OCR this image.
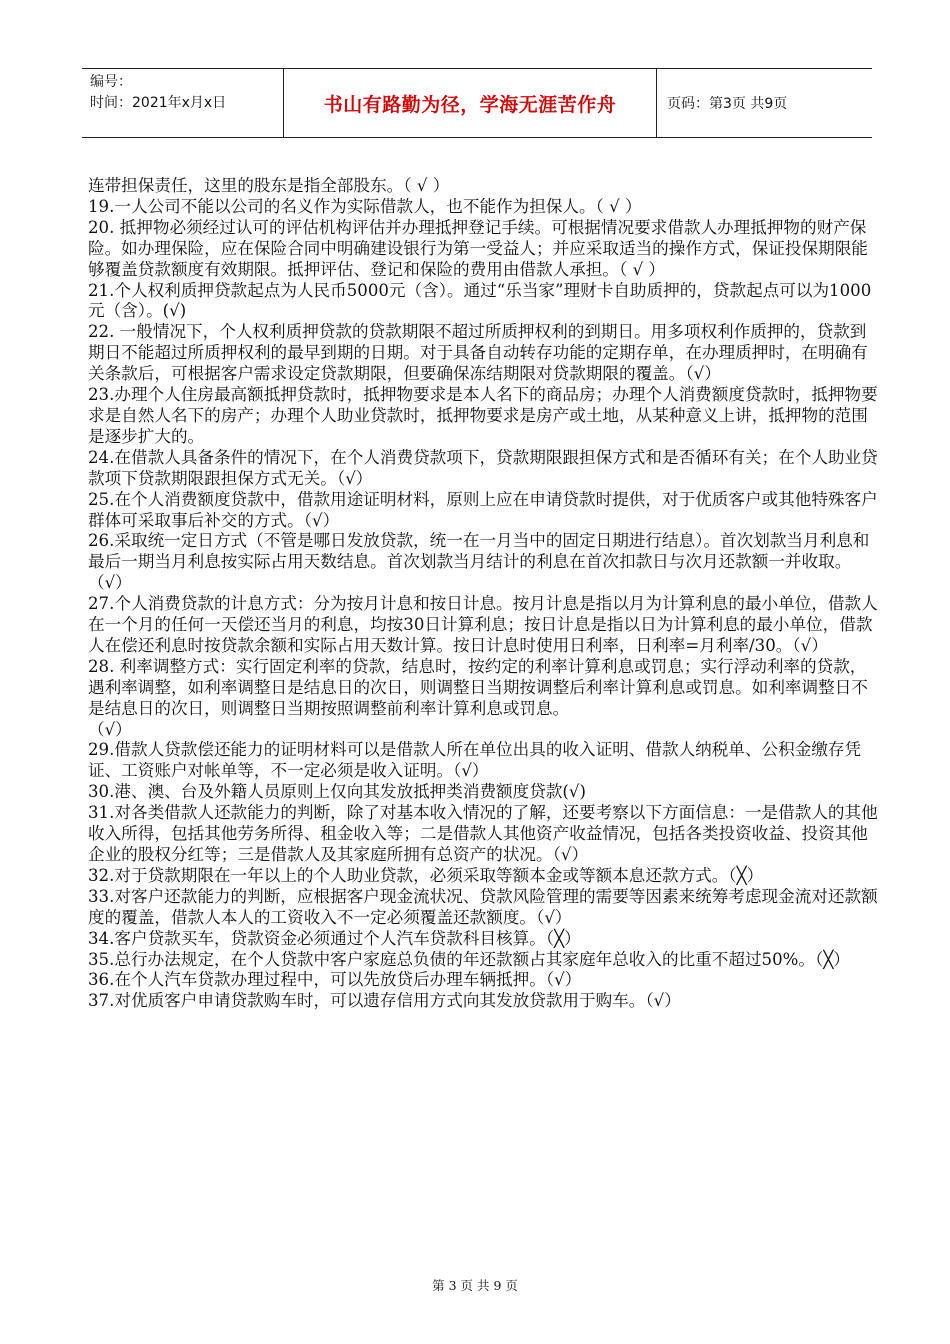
编号：
时间：2021年x月x日	书山有路勤为径，学海无涯苦作舟	页码：第3页 共9页

连带担保责任，这里的股东是指全部股东。（ √ ）

19.一人公司不能以公司的名义作为实际借款人，也不能作为担保人。（ √ ）

20. 抵押物必须经过认可的评估机构评估并办理抵押登记手续。可根据情况要求借款人办理抵押物的财产保险。如办理保险，应在保险合同中明确建设银行为第一受益人；并应采取适当的操作方式，保证投保期限能够覆盖贷款额度有效期限。抵押评估、登记和保险的费用由借款人承担。（ √ ）

21.个人权利质押贷款起点为人民币5000元（含）。通过“乐当家”理财卡自助质押的，贷款起点可以为1000元（含）。(√)

22. 一般情况下，个人权利质押贷款的贷款期限不超过所质押权利的到期日。用多项权利作质押的，贷款到期日不能超过所质押权利的最早到期的日期。对于具备自动转存功能的定期存单，在办理质押时，在明确有关条款后，可根据客户需求设定贷款期限，但要确保冻结期限对贷款期限的覆盖。（√）

23.办理个人住房最高额抵押贷款时，抵押物要求是本人名下的商品房；办理个人消费额度贷款时，抵押物要求是自然人名下的房产；办理个人助业贷款时，抵押物要求是房产或土地，从某种意义上讲，抵押物的范围是逐步扩大的。

24.在借款人具备条件的情况下，在个人消费贷款项下，贷款期限跟担保方式和是否循环有关；在个人助业贷款项下贷款期限跟担保方式无关。（√）

25.在个人消费额度贷款中，借款用途证明材料，原则上应在申请贷款时提供，对于优质客户或其他特殊客户群体可采取事后补交的方式。（√）

26.采取统一定日方式（不管是哪日发放贷款，统一在一月当中的固定日期进行结息）。首次划款当月利息和最后一期当月利息按实际占用天数结息。首次划款当月结计的利息在首次扣款日与次月还款额一并收取。（√）

27.个人消费贷款的计息方式：分为按月计息和按日计息。按月计息是指以月为计算利息的最小单位，借款人在一个月的任何一天偿还当月的利息，均按30日计算利息；按日计息是指以日为计算利息的最小单位，借款人在偿还利息时按贷款余额和实际占用天数计算。按日计息时使用日利率，日利率=月利率/30。（√）

28. 利率调整方式：实行固定利率的贷款，结息时，按约定的利率计算利息或罚息；实行浮动利率的贷款，遇利率调整，如利率调整日是结息日的次日，则调整日当期按调整后利率计算利息或罚息。如利率调整日不是结息日的次日，则调整日当期按照调整前利率计算利息或罚息。

（√）

29.借款人贷款偿还能力的证明材料可以是借款人所在单位出具的收入证明、借款人纳税单、公积金缴存凭证、工资账户对帐单等，不一定必须是收入证明。（√）

30.港、澳、台及外籍人员原则上仅向其发放抵押类消费额度贷款(√)

31.对各类借款人还款能力的判断，除了对基本收入情况的了解，还要考察以下方面信息：一是借款人的其他收入所得，包括其他劳务所得、租金收入等；二是借款人其他资产收益情况，包括各类投资收益、投资其他企业的股权分红等；三是借款人及其家庭所拥有总资产的状况。（√）

32.对于贷款期限在一年以上的个人助业贷款，必须采取等额本金或等额本息还款方式。（╳）

33.对客户还款能力的判断，应根据客户现金流状况、贷款风险管理的需要等因素来统筹考虑现金流对还款额度的覆盖，借款人本人的工资收入不一定必须覆盖还款额度。（√）

34.客户贷款买车，贷款资金必须通过个人汽车贷款科目核算。（╳）

35.总行办法规定，在个人贷款中客户家庭总负债的年还款额占其家庭年总收入的比重不超过50%。（╳）

36.在个人汽车贷款办理过程中，可以先放贷后办理车辆抵押。（√）

37.对优质客户申请贷款购车时，可以遗存信用方式向其发放贷款用于购车。（√）

第 3 页 共 9 页
